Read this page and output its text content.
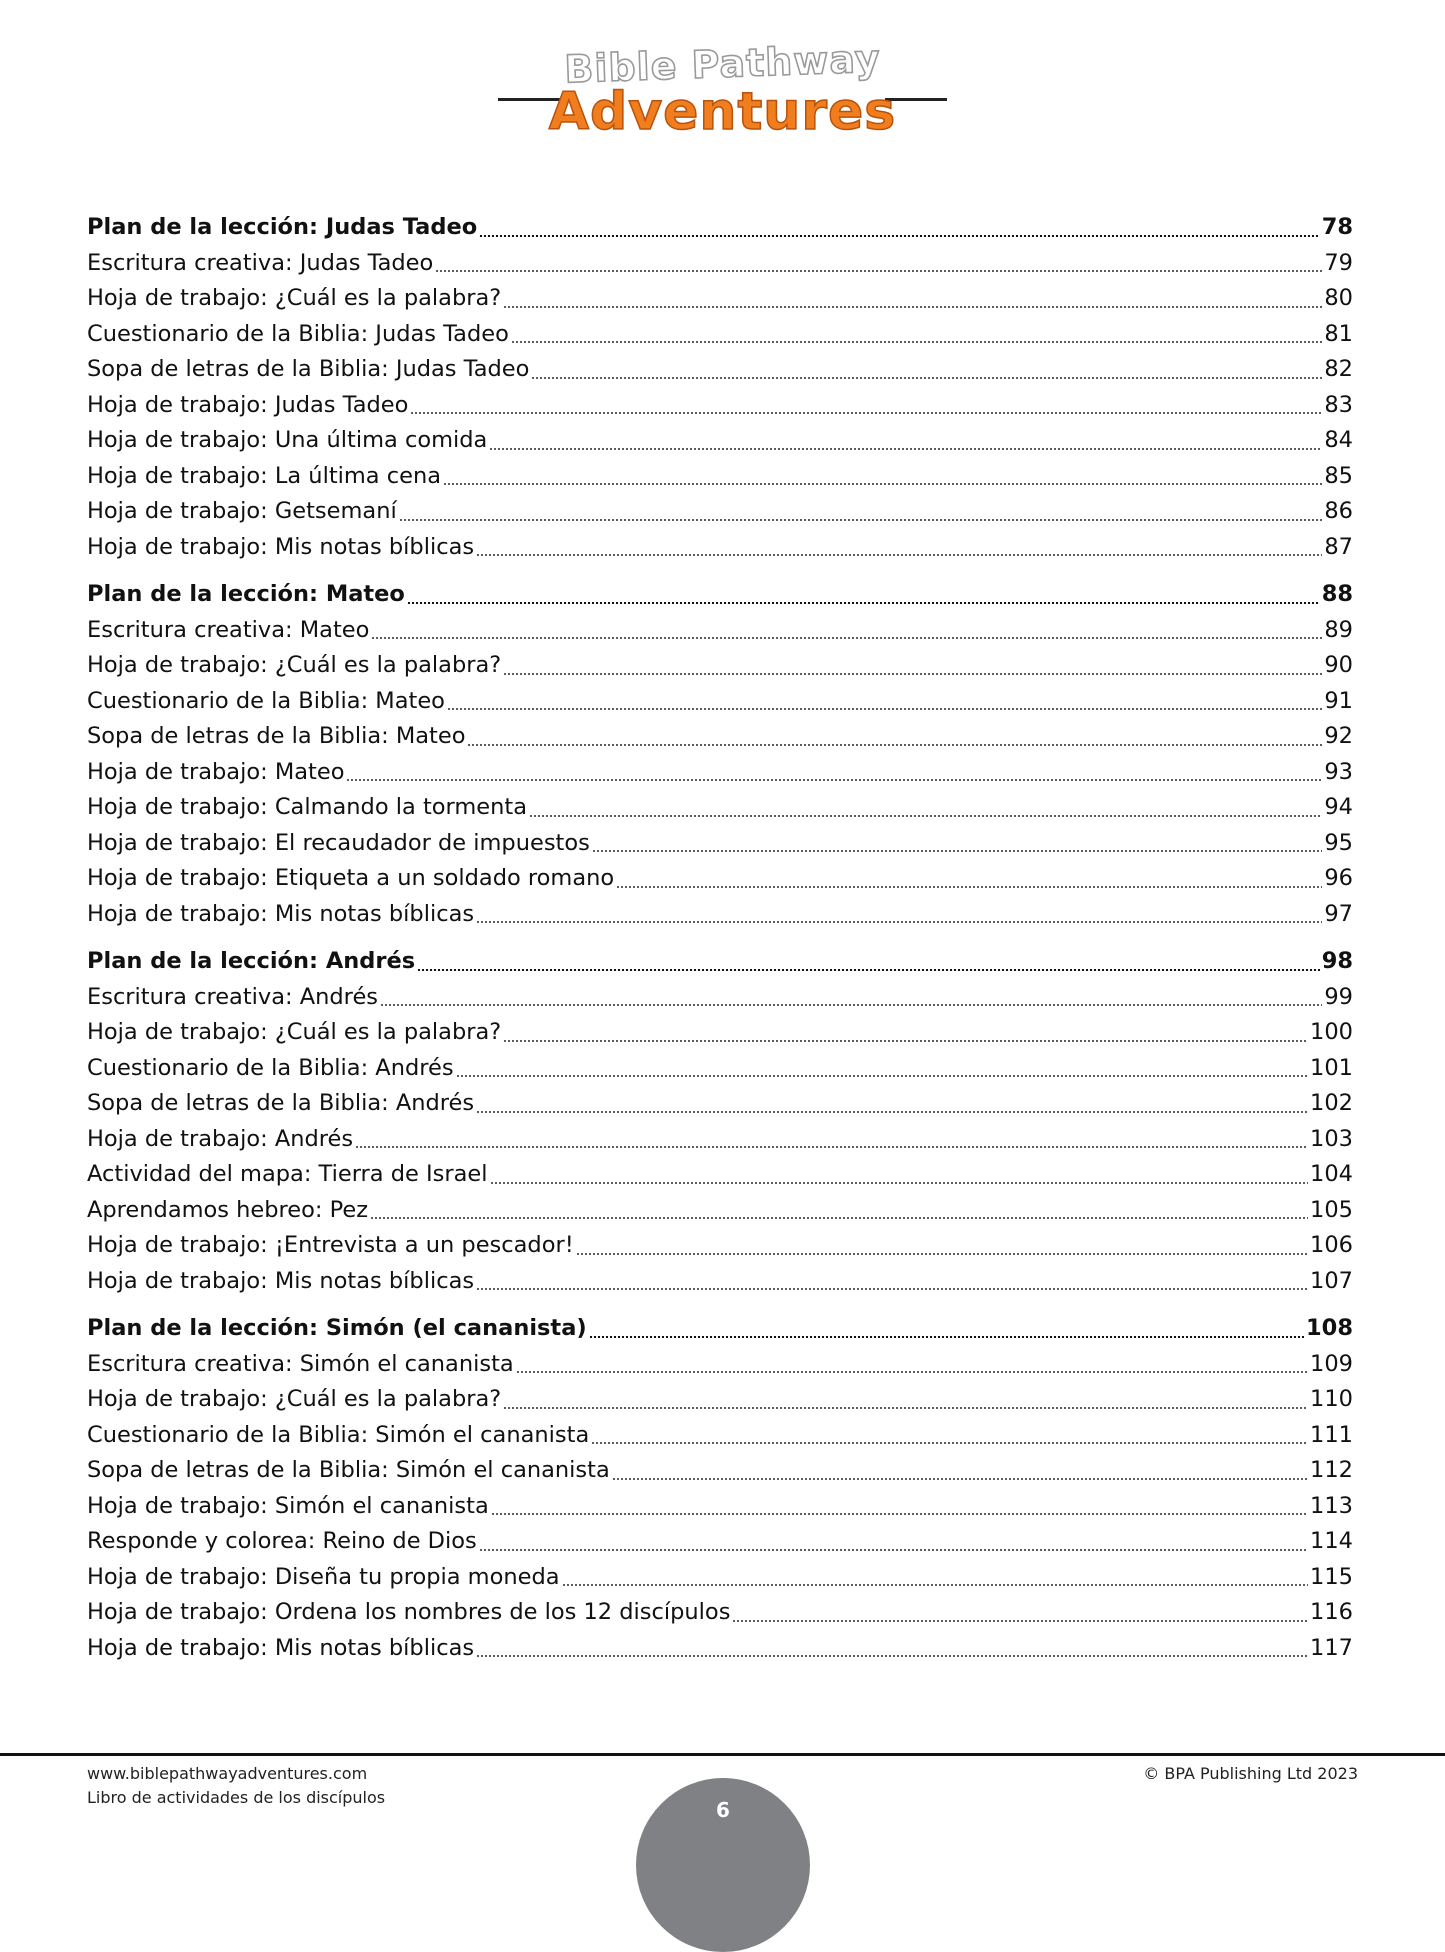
Bible Pathway
Adventures
Plan de la lección: Judas Tadeo	78
Escritura creativa: Judas Tadeo	79
Hoja de trabajo: ¿Cuál es la palabra?	80
Cuestionario de la Biblia: Judas Tadeo	81
Sopa de letras de la Biblia: Judas Tadeo	82
Hoja de trabajo: Judas Tadeo	83
Hoja de trabajo: Una última comida	84
Hoja de trabajo: La última cena	85
Hoja de trabajo: Getsemaní	86
Hoja de trabajo: Mis notas bíblicas	87
Plan de la lección: Mateo	88
Escritura creativa: Mateo	89
Hoja de trabajo: ¿Cuál es la palabra?	90
Cuestionario de la Biblia: Mateo	91
Sopa de letras de la Biblia: Mateo	92
Hoja de trabajo: Mateo	93
Hoja de trabajo: Calmando la tormenta	94
Hoja de trabajo: El recaudador de impuestos	95
Hoja de trabajo: Etiqueta a un soldado romano	96
Hoja de trabajo: Mis notas bíblicas	97
Plan de la lección: Andrés	98
Escritura creativa: Andrés	99
Hoja de trabajo: ¿Cuál es la palabra?	100
Cuestionario de la Biblia: Andrés	101
Sopa de letras de la Biblia: Andrés	102
Hoja de trabajo: Andrés	103
Actividad del mapa: Tierra de Israel	104
Aprendamos hebreo: Pez	105
Hoja de trabajo: ¡Entrevista a un pescador!	106
Hoja de trabajo: Mis notas bíblicas	107
Plan de la lección: Simón (el cananista)	108
Escritura creativa: Simón el cananista	109
Hoja de trabajo: ¿Cuál es la palabra?	110
Cuestionario de la Biblia: Simón el cananista	111
Sopa de letras de la Biblia: Simón el cananista	112
Hoja de trabajo: Simón el cananista	113
Responde y colorea: Reino de Dios	114
Hoja de trabajo: Diseña tu propia moneda	115
Hoja de trabajo: Ordena los nombres de los 12 discípulos	116
Hoja de trabajo: Mis notas bíblicas	117
www.biblepathwayadventures.com
Libro de actividades de los discípulos
© BPA Publishing Ltd 2023
6
